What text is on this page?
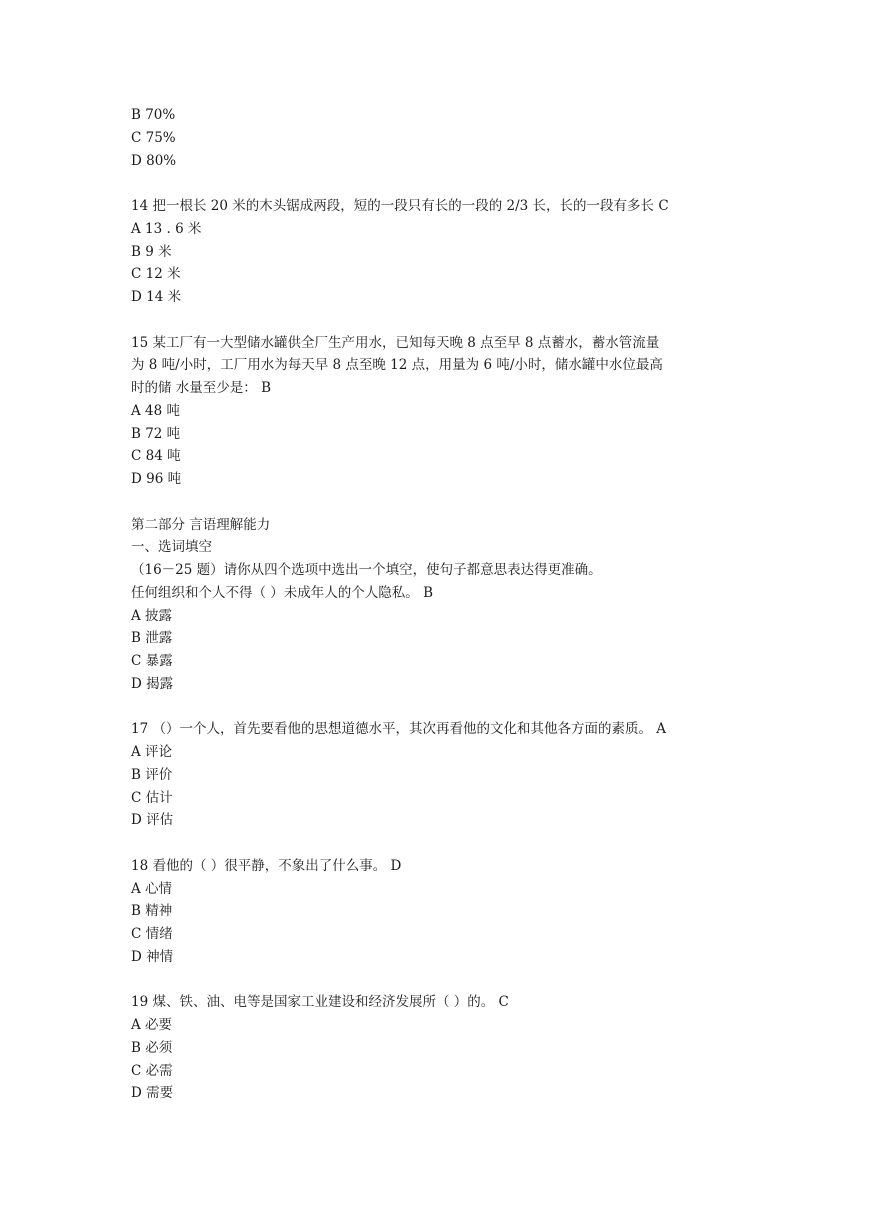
B 70%
C 75%
D 80%
14 把一根长 20 米的木头锯成两段，短的一段只有长的一段的 2/3 长，长的一段有多长 C
A 13 . 6 米
B 9 米
C 12 米
D 14 米
15 某工厂有一大型储水罐供全厂生产用水，已知每天晚 8 点至早 8 点蓄水，蓄水管流量
为 8 吨/小时，工厂用水为每天早 8 点至晚 12 点，用量为 6 吨/小时，储水罐中水位最高
时的储 水量至少是： B
A 48 吨
B 72 吨
C 84 吨
D 96 吨
第二部分 言语理解能力
一、选词填空
（16－25 题）请你从四个选项中选出一个填空，使句子都意思表达得更准确。
任何组织和个人不得（ ）未成年人的个人隐私。 B
A 披露
B 泄露
C 暴露
D 揭露
17 （）一个人，首先要看他的思想道德水平，其次再看他的文化和其他各方面的素质。 A
A 评论
B 评价
C 估计
D 评估
18 看他的（ ）很平静，不象出了什么事。 D
A 心情
B 精神
C 情绪
D 神情
19 煤、铁、油、电等是国家工业建设和经济发展所（ ）的。 C
A 必要
B 必须
C 必需
D 需要
